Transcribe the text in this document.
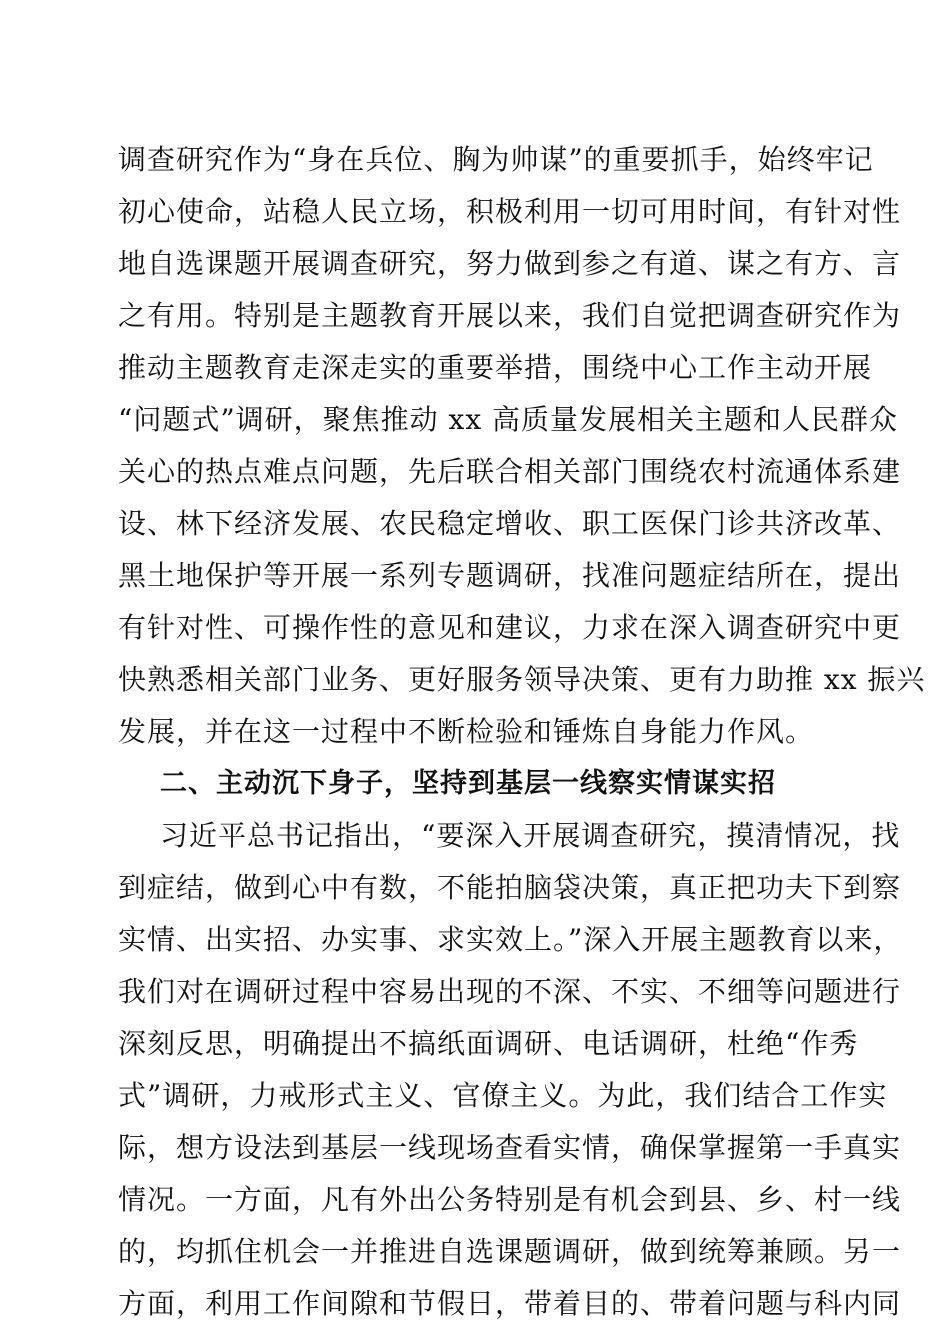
调查研究作为“身在兵位、胸为帅谋”的重要抓手，始终牢记
初心使命，站稳人民立场，积极利用一切可用时间，有针对性
地自选课题开展调查研究，努力做到参之有道、谋之有方、言
之有用。特别是主题教育开展以来，我们自觉把调查研究作为
推动主题教育走深走实的重要举措，围绕中心工作主动开展
“问题式”调研，聚焦推动 xx 高质量发展相关主题和人民群众
关心的热点难点问题，先后联合相关部门围绕农村流通体系建
设、林下经济发展、农民稳定增收、职工医保门诊共济改革、
黑土地保护等开展一系列专题调研，找准问题症结所在，提出
有针对性、可操作性的意见和建议，力求在深入调查研究中更
快熟悉相关部门业务、更好服务领导决策、更有力助推 xx 振兴
发展，并在这一过程中不断检验和锤炼自身能力作风。
二、主动沉下身子，坚持到基层一线察实情谋实招
习近平总书记指出，“要深入开展调查研究，摸清情况，找
到症结，做到心中有数，不能拍脑袋决策，真正把功夫下到察
实情、出实招、办实事、求实效上。”深入开展主题教育以来，
我们对在调研过程中容易出现的不深、不实、不细等问题进行
深刻反思，明确提出不搞纸面调研、电话调研，杜绝“作秀
式”调研，力戒形式主义、官僚主义。为此，我们结合工作实
际，想方设法到基层一线现场查看实情，确保掌握第一手真实
情况。一方面，凡有外出公务特别是有机会到县、乡、村一线
的，均抓住机会一并推进自选课题调研，做到统筹兼顾。另一
方面，利用工作间隙和节假日，带着目的、带着问题与科内同
